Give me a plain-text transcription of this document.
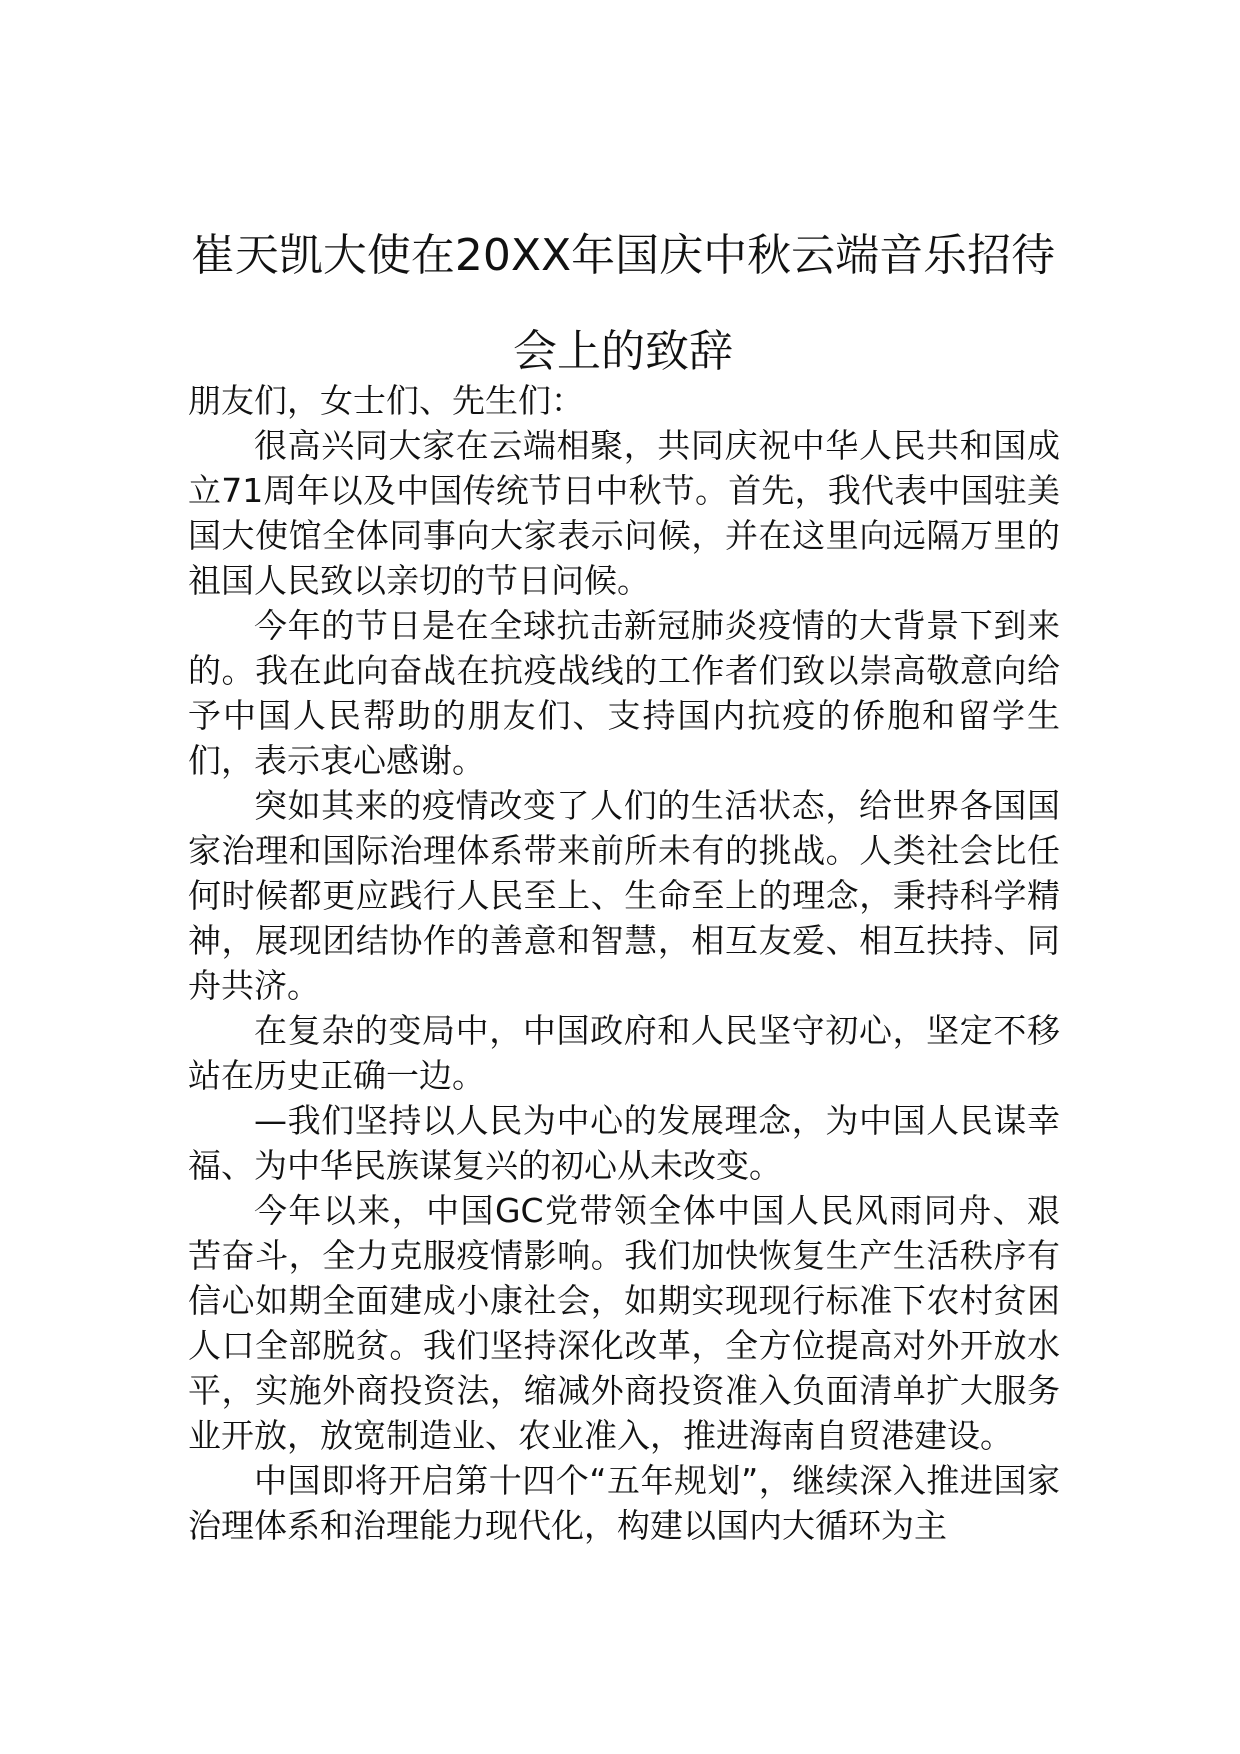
崔天凯大使在20XX年国庆中秋云端音乐招待会上的致辞

朋友们，女士们、先生们：

很高兴同大家在云端相聚，共同庆祝中华人民共和国成立71周年以及中国传统节日中秋节。首先，我代表中国驻美国大使馆全体同事向大家表示问候，并在这里向远隔万里的祖国人民致以亲切的节日问候。

今年的节日是在全球抗击新冠肺炎疫情的大背景下到来的。我在此向奋战在抗疫战线的工作者们致以崇高敬意向给予中国人民帮助的朋友们、支持国内抗疫的侨胞和留学生们，表示衷心感谢。

突如其来的疫情改变了人们的生活状态，给世界各国国家治理和国际治理体系带来前所未有的挑战。人类社会比任何时候都更应践行人民至上、生命至上的理念，秉持科学精神，展现团结协作的善意和智慧，相互友爱、相互扶持、同舟共济。

在复杂的变局中，中国政府和人民坚守初心，坚定不移站在历史正确一边。

—我们坚持以人民为中心的发展理念，为中国人民谋幸福、为中华民族谋复兴的初心从未改变。

今年以来，中国GC党带领全体中国人民风雨同舟、艰苦奋斗，全力克服疫情影响。我们加快恢复生产生活秩序有信心如期全面建成小康社会，如期实现现行标准下农村贫困人口全部脱贫。我们坚持深化改革，全方位提高对外开放水平，实施外商投资法，缩减外商投资准入负面清单扩大服务业开放，放宽制造业、农业准入，推进海南自贸港建设。

中国即将开启第十四个“五年规划”，继续深入推进国家治理体系和治理能力现代化，构建以国内大循环为主
